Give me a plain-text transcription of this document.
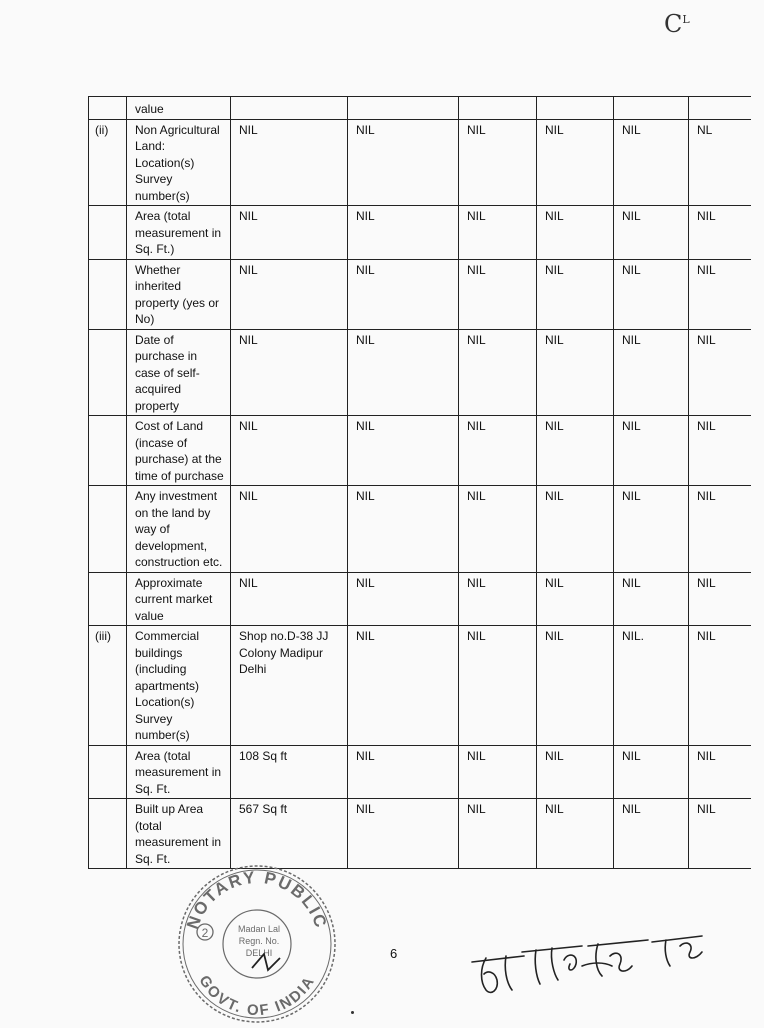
$C^L$
	value						
(ii)	Non Agricultural Land: Location(s) Survey number(s)	NIL	NIL	NIL	NIL	NIL	NL
	Area (total measurement in Sq. Ft.)	NIL	NIL	NIL	NIL	NIL	NIL
	Whether inherited property (yes or No)	NIL	NIL	NIL	NIL	NIL	NIL
	Date of purchase in case of self-acquired property	NIL	NIL	NIL	NIL	NIL	NIL
	Cost of Land (incase of purchase) at the time of purchase	NIL	NIL	NIL	NIL	NIL	NIL
	Any investment on the land by way of development, construction etc.	NIL	NIL	NIL	NIL	NIL	NIL
	Approximate current market value	NIL	NIL	NIL	NIL	NIL	NIL
(iii)	Commercial buildings (including apartments) Location(s) Survey number(s)	Shop no.D-38 JJ Colony Madipur Delhi	NIL	NIL	NIL	NIL.	NIL
	Area (total measurement in Sq. Ft.	108 Sq ft	NIL	NIL	NIL	NIL	NIL
	Built up Area (total measurement in Sq. Ft.	567 Sq ft	NIL	NIL	NIL	NIL	NIL
NOTARY PUBLIC
GOVT. OF INDIA
2	Madan Lal
Regn. No.
DELHI	6
